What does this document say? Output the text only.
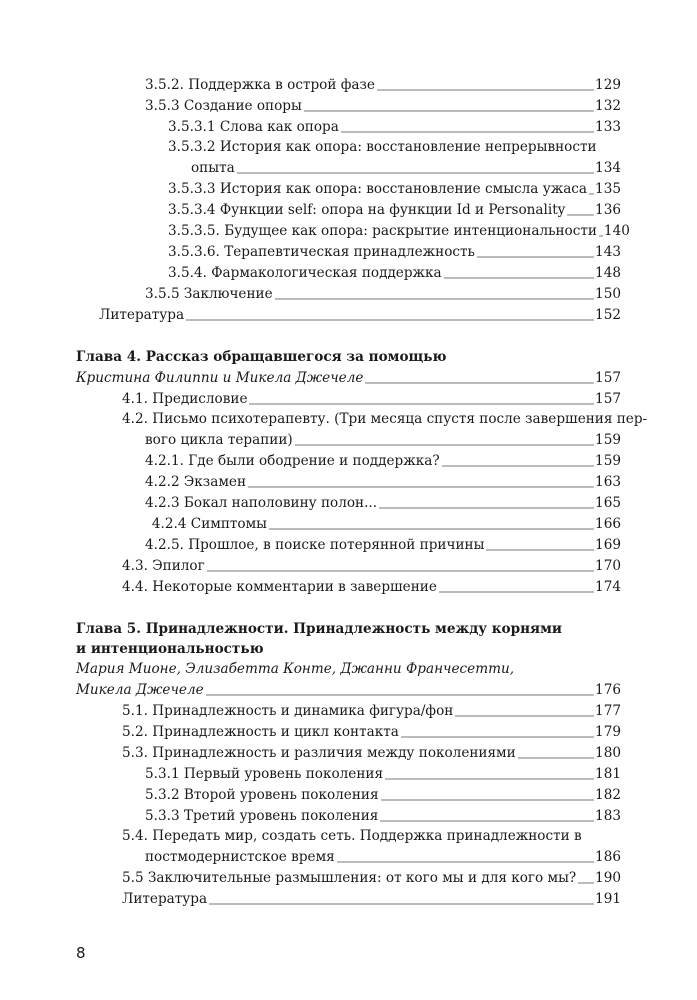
3.5.2. Поддержка в острой фазе	129
3.5.3 Создание опоры	132
3.5.3.1 Слова как опора	133
3.5.3.2 История как опора: восстановление непрерывности
опыта	134
3.5.3.3 История как опора: восстановление смысла ужаса 135
3.5.3.4 Функции self: опора на функции Id и Personality 136
3.5.3.5. Будущее как опора: раскрытие интенциональности 140
3.5.3.6. Терапевтическая принадлежность	143
3.5.4. Фармакологическая поддержка	148
3.5.5 Заключение	150
Литература	152
Глава 4. Рассказ обращавшегося за помощью
Кристина Филиппи и Микела Джечеле	157
4.1. Предисловие	157
4.2. Письмо психотерапевту. (Три месяца спустя после завершения пер-
вого цикла терапии)	159
4.2.1. Где были ободрение и поддержка?	159
4.2.2 Экзамен	163
4.2.3 Бокал наполовину полон...	165
4.2.4 Симптомы	166
4.2.5. Прошлое, в поиске потерянной причины	169
4.3. Эпилог	170
4.4. Некоторые комментарии в завершение	174
Глава 5. Принадлежности. Принадлежность между корнями
и интенциональностью
Мария Мионе, Элизабетта Конте, Джанни Франчесетти,
Микела Джечеле	176
5.1. Принадлежность и динамика фигура/фон	177
5.2. Принадлежность и цикл контакта	179
5.3. Принадлежность и различия между поколениями	180
5.3.1 Первый уровень поколения	181
5.3.2 Второй уровень поколения	182
5.3.3 Третий уровень поколения	183
5.4. Передать мир, создать сеть. Поддержка принадлежности в
постмодернистское время	186
5.5 Заключительные размышления: от кого мы и для кого мы? 190
Литература	191
8
